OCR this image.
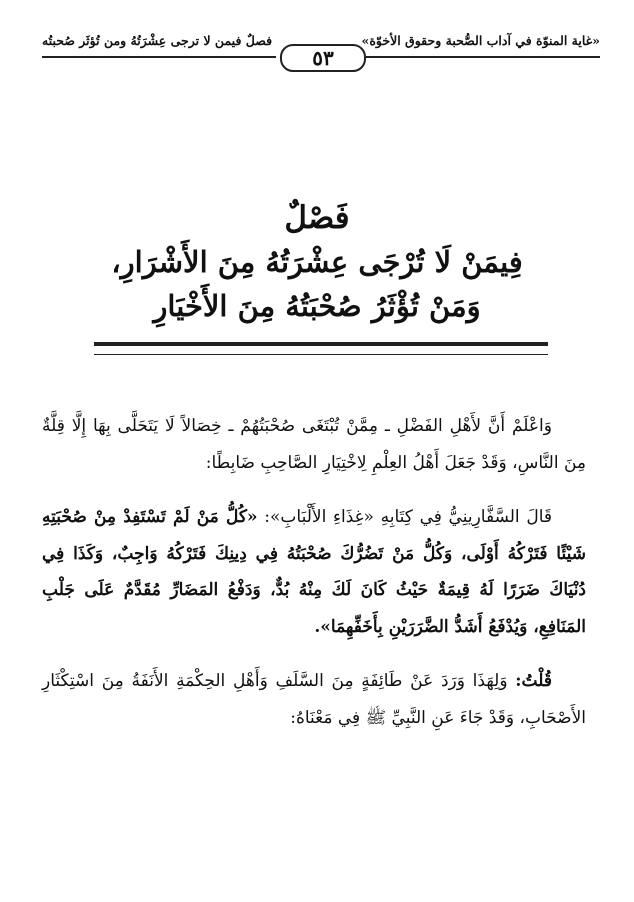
«غاية المنوّة في آداب الصُّحبة وحقوق الأخوّة»
فصلٌ فيمن لا ترجى عِشْرَتُهُ ومن تُؤثَر صُحبتُه
٥٣
فَصْلٌ
فِيمَنْ لَا تُرْجَى عِشْرَتُهُ مِنَ الأَشْرَارِ،
وَمَنْ تُؤْثَرُ صُحْبَتُهُ مِنَ الأَخْيَارِ

وَاعْلَمْ أَنَّ لأَهْلِ الفَضْلِ ـ مِمَّنْ تُبْتَغَى صُحْبَتُهُمْ ـ خِصَالاً لَا يَتَحَلَّى بِهَا إِلَّا قِلَّةٌ مِنَ النَّاسِ، وَقَدْ جَعَلَ أَهْلُ العِلْمِ لِاخْتِيَارِ الصَّاحِبِ ضَابِطًا:

قَالَ السَّفَّارِينِيُّ فِي كِتَابِهِ «غِذَاءِ الأَلْبَابِ»: «كُلُّ مَنْ لَمْ تَسْتَفِدْ مِنْ صُحْبَتِهِ شَيْئًا فَتَرْكُهُ أَوْلَى، وَكُلُّ مَنْ تَضُرُّكَ صُحْبَتُهُ فِي دِينِكَ فَتَرْكُهُ وَاجِبٌ، وَكَذَا فِي دُنْيَاكَ ضَرَرًا لَهُ قِيمَةٌ حَيْثُ كَانَ لَكَ مِنْهُ بُدٌّ، وَدَفْعُ المَضَارِّ مُقَدَّمٌ عَلَى جَلْبِ المَنَافِعِ، وَيُدْفَعُ أَشَدُّ الضَّرَرَيْنِ بِأَخَفِّهِمَا».

قُلْتُ: وَلِهَذَا وَرَدَ عَنْ طَائِفَةٍ مِنَ السَّلَفِ وَأَهْلِ الحِكْمَةِ الأَنَفَةُ مِنَ اسْتِكْثَارِ الأَصْحَابِ، وَقَدْ جَاءَ عَنِ النَّبِيِّ ﷺ فِي مَعْنَاهُ:
